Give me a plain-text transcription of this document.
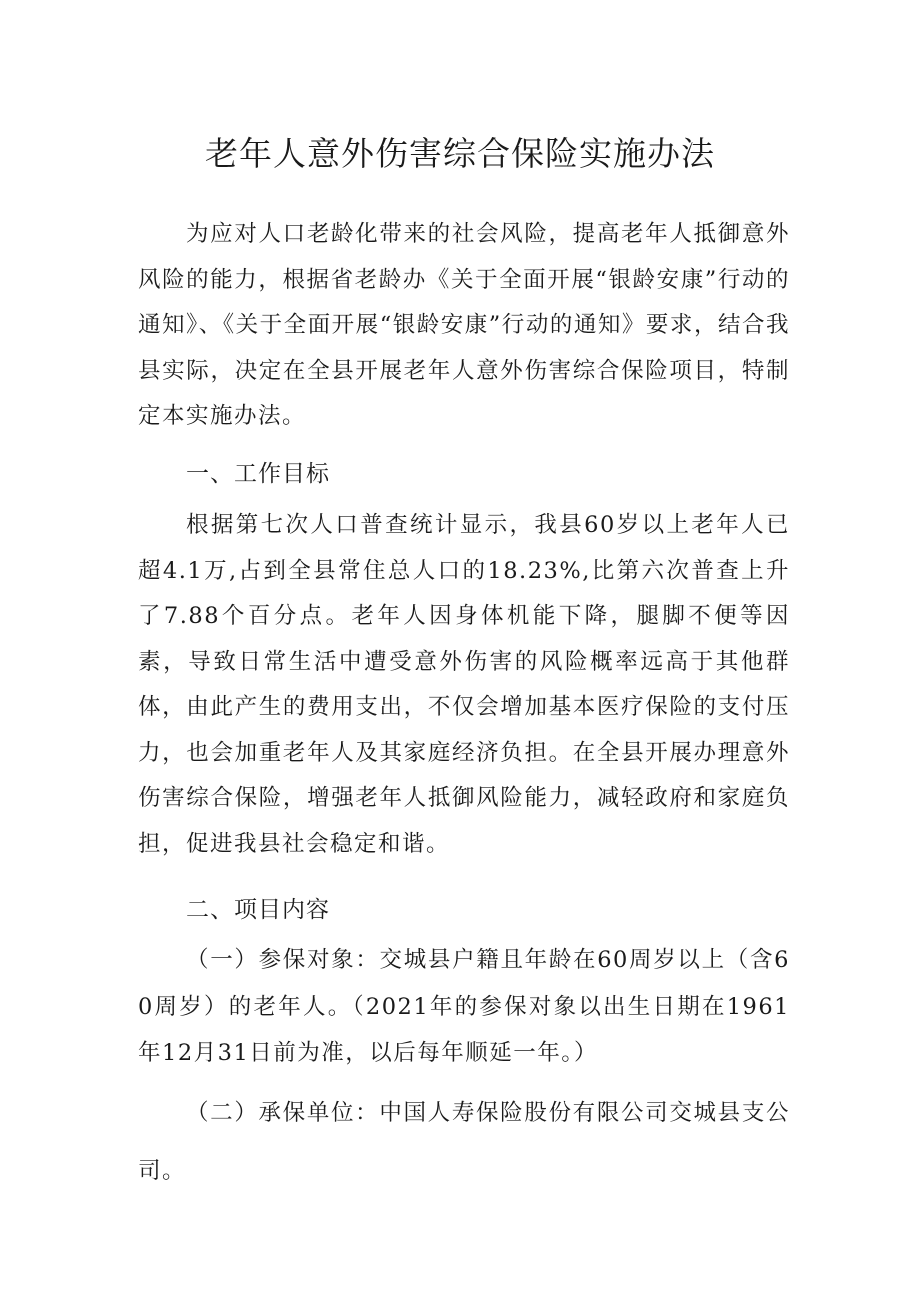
老年人意外伤害综合保险实施办法

为应对人口老龄化带来的社会风险，提高老年人抵御意外风险的能力，根据省老龄办《关于全面开展“银龄安康”行动的通知》、《关于全面开展“银龄安康”行动的通知》要求，结合我县实际，决定在全县开展老年人意外伤害综合保险项目，特制定本实施办法。

一、工作目标

根据第七次人口普查统计显示，我县60岁以上老年人已超4.1万,占到全县常住总人口的18.23%,比第六次普查上升了7.88个百分点。老年人因身体机能下降，腿脚不便等因素，导致日常生活中遭受意外伤害的风险概率远高于其他群体，由此产生的费用支出，不仅会增加基本医疗保险的支付压力，也会加重老年人及其家庭经济负担。在全县开展办理意外伤害综合保险，增强老年人抵御风险能力，减轻政府和家庭负担，促进我县社会稳定和谐。

二、项目内容

（一）参保对象：交城县户籍且年龄在60周岁以上（含60周岁）的老年人。（2021年的参保对象以出生日期在1961年12月31日前为准，以后每年顺延一年。）

（二）承保单位：中国人寿保险股份有限公司交城县支公司。
